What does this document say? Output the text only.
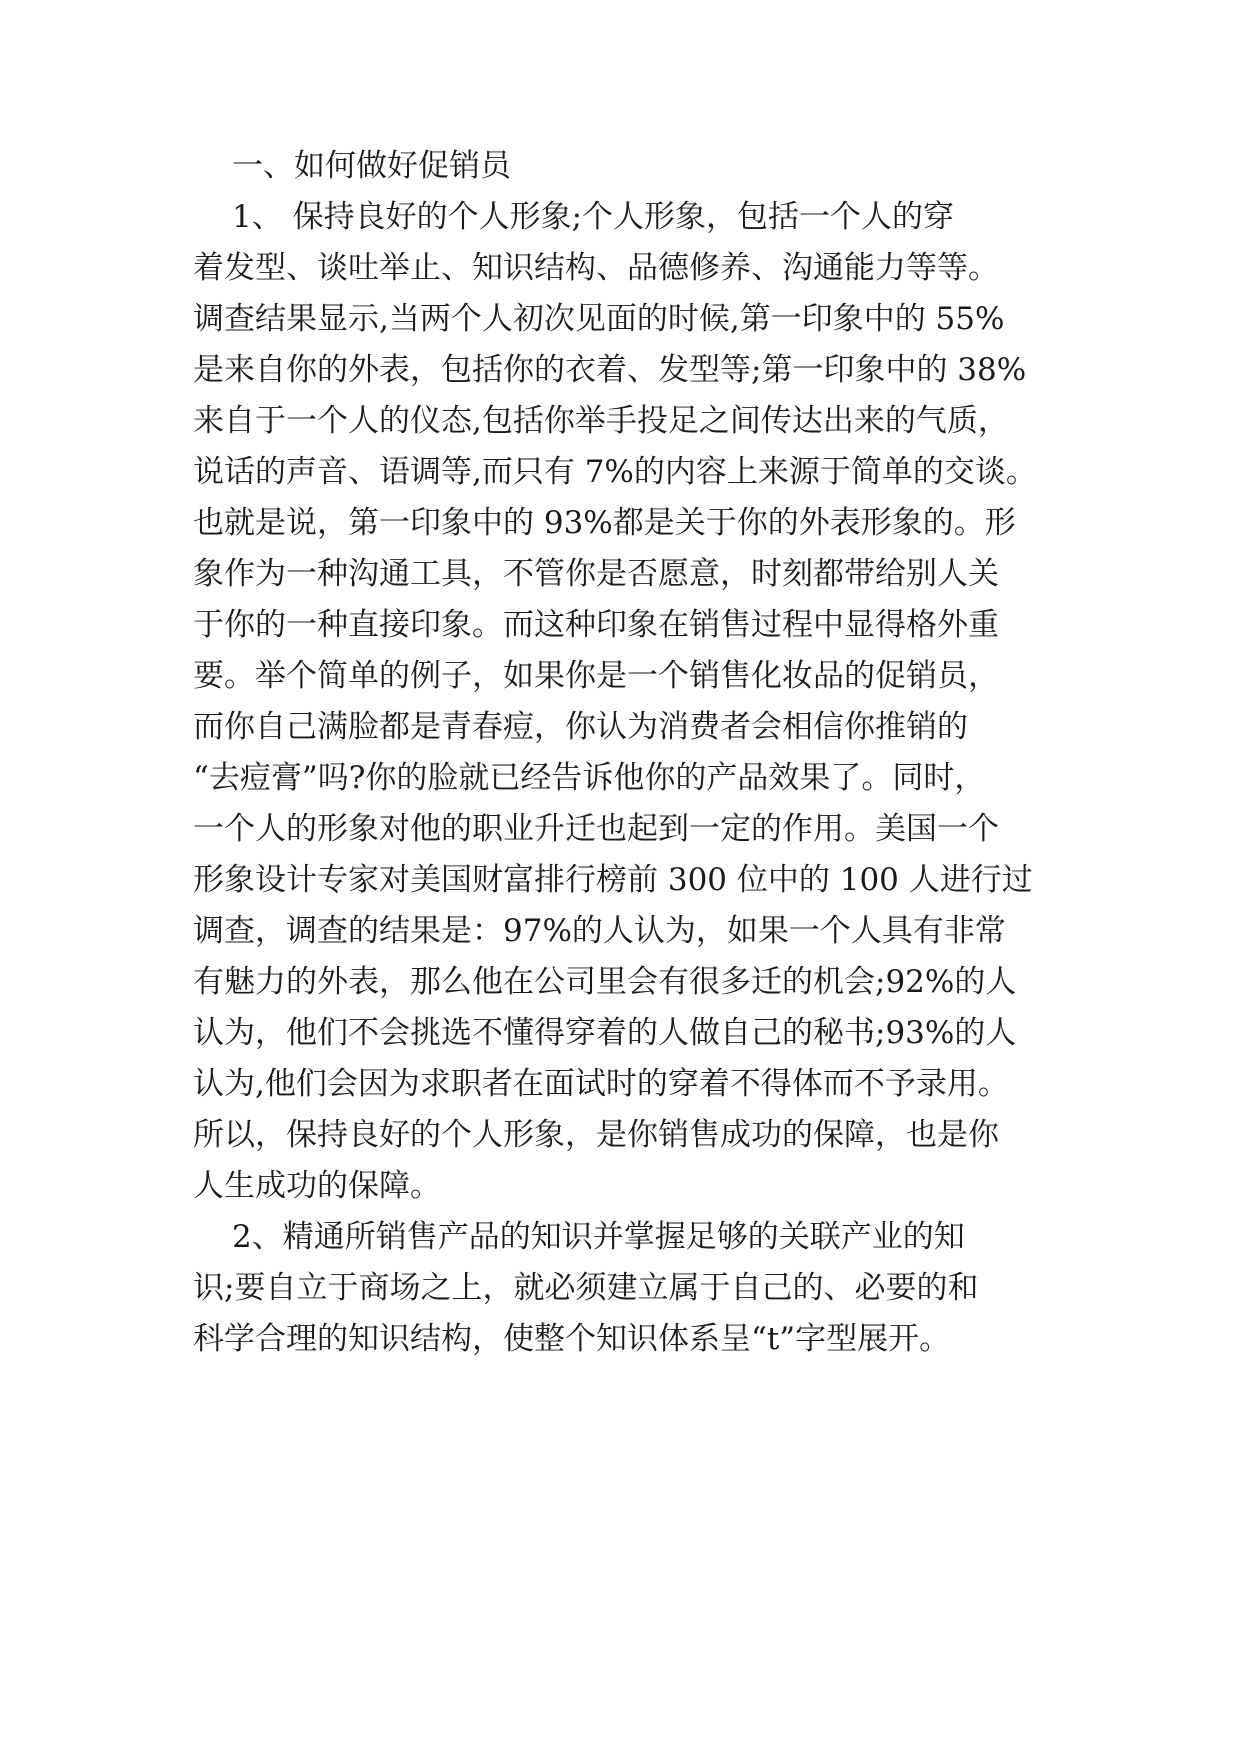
一、如何做好促销员
1、 保持良好的个人形象;个人形象，包括一个人的穿
着发型、谈吐举止、知识结构、品德修养、沟通能力等等。
调查结果显示,当两个人初次见面的时候,第一印象中的 55%
是来自你的外表，包括你的衣着、发型等;第一印象中的 38%
来自于一个人的仪态,包括你举手投足之间传达出来的气质，
说话的声音、语调等,而只有 7%的内容上来源于简单的交谈。
也就是说，第一印象中的 93%都是关于你的外表形象的。形
象作为一种沟通工具，不管你是否愿意，时刻都带给别人关
于你的一种直接印象。而这种印象在销售过程中显得格外重
要。举个简单的例子，如果你是一个销售化妆品的促销员，
而你自己满脸都是青春痘，你认为消费者会相信你推销的
“去痘膏”吗?你的脸就已经告诉他你的产品效果了。同时，
一个人的形象对他的职业升迁也起到一定的作用。美国一个
形象设计专家对美国财富排行榜前 300 位中的 100 人进行过
调查，调查的结果是：97%的人认为，如果一个人具有非常
有魅力的外表，那么他在公司里会有很多迁的机会;92%的人
认为，他们不会挑选不懂得穿着的人做自己的秘书;93%的人
认为,他们会因为求职者在面试时的穿着不得体而不予录用。
所以，保持良好的个人形象，是你销售成功的保障，也是你
人生成功的保障。
2、精通所销售产品的知识并掌握足够的关联产业的知
识;要自立于商场之上，就必须建立属于自己的、必要的和
科学合理的知识结构，使整个知识体系呈“t”字型展开。
